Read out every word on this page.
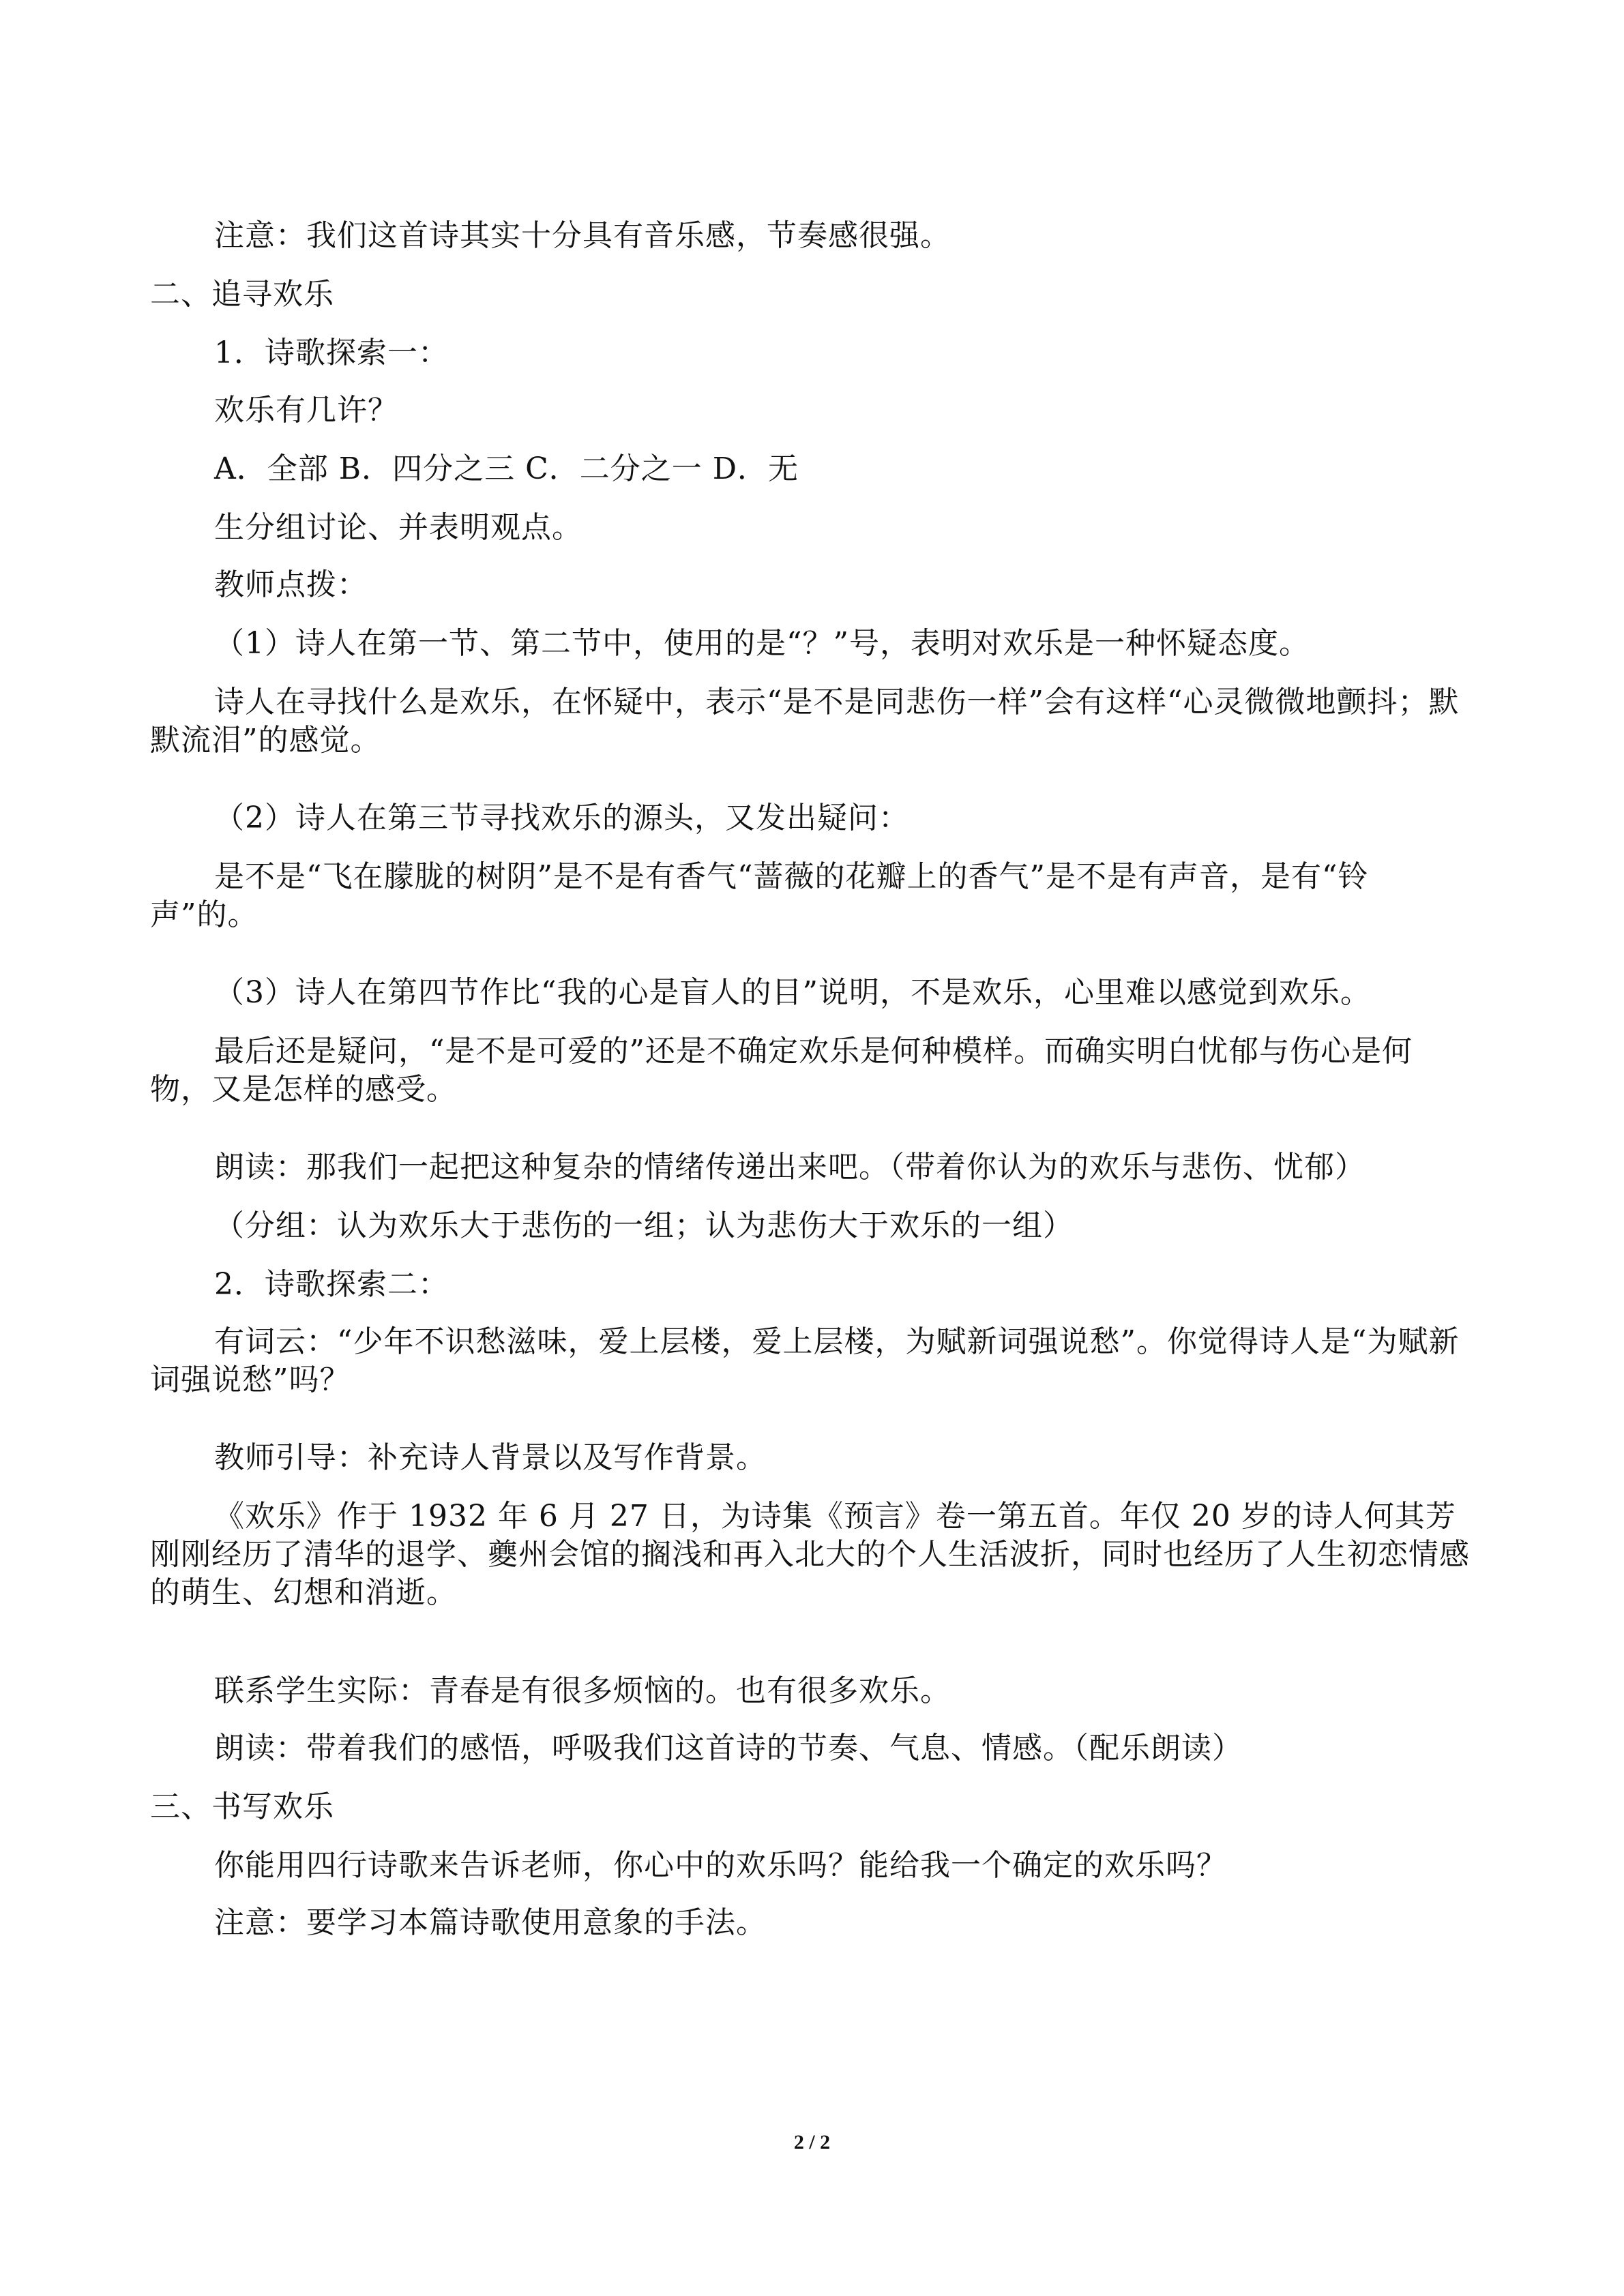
注意：我们这首诗其实十分具有音乐感，节奏感很强。
二、追寻欢乐
1．诗歌探索一：
欢乐有几许？
A．全部 B．四分之三 C．二分之一 D．无
生分组讨论、并表明观点。
教师点拨：
（1）诗人在第一节、第二节中，使用的是“？”号，表明对欢乐是一种怀疑态度。
诗人在寻找什么是欢乐，在怀疑中，表示“是不是同悲伤一样”会有这样“心灵微微地颤抖；默默流泪”的感觉。
（2）诗人在第三节寻找欢乐的源头，又发出疑问：
是不是“飞在朦胧的树阴”是不是有香气“蔷薇的花瓣上的香气”是不是有声音，是有“铃声”的。
（3）诗人在第四节作比“我的心是盲人的目”说明，不是欢乐，心里难以感觉到欢乐。
最后还是疑问，“是不是可爱的”还是不确定欢乐是何种模样。而确实明白忧郁与伤心是何物，又是怎样的感受。
朗读：那我们一起把这种复杂的情绪传递出来吧。（带着你认为的欢乐与悲伤、忧郁）
（分组：认为欢乐大于悲伤的一组；认为悲伤大于欢乐的一组）
2．诗歌探索二：
有词云：“少年不识愁滋味，爱上层楼，爱上层楼，为赋新词强说愁”。你觉得诗人是“为赋新词强说愁”吗？
教师引导：补充诗人背景以及写作背景。
《欢乐》作于 1932 年 6 月 27 日，为诗集《预言》卷一第五首。年仅 20 岁的诗人何其芳刚刚经历了清华的退学、夔州会馆的搁浅和再入北大的个人生活波折，同时也经历了人生初恋情感的萌生、幻想和消逝。
联系学生实际：青春是有很多烦恼的。也有很多欢乐。
朗读：带着我们的感悟，呼吸我们这首诗的节奏、气息、情感。（配乐朗读）
三、书写欢乐
你能用四行诗歌来告诉老师，你心中的欢乐吗？能给我一个确定的欢乐吗？
注意：要学习本篇诗歌使用意象的手法。
2 / 2
